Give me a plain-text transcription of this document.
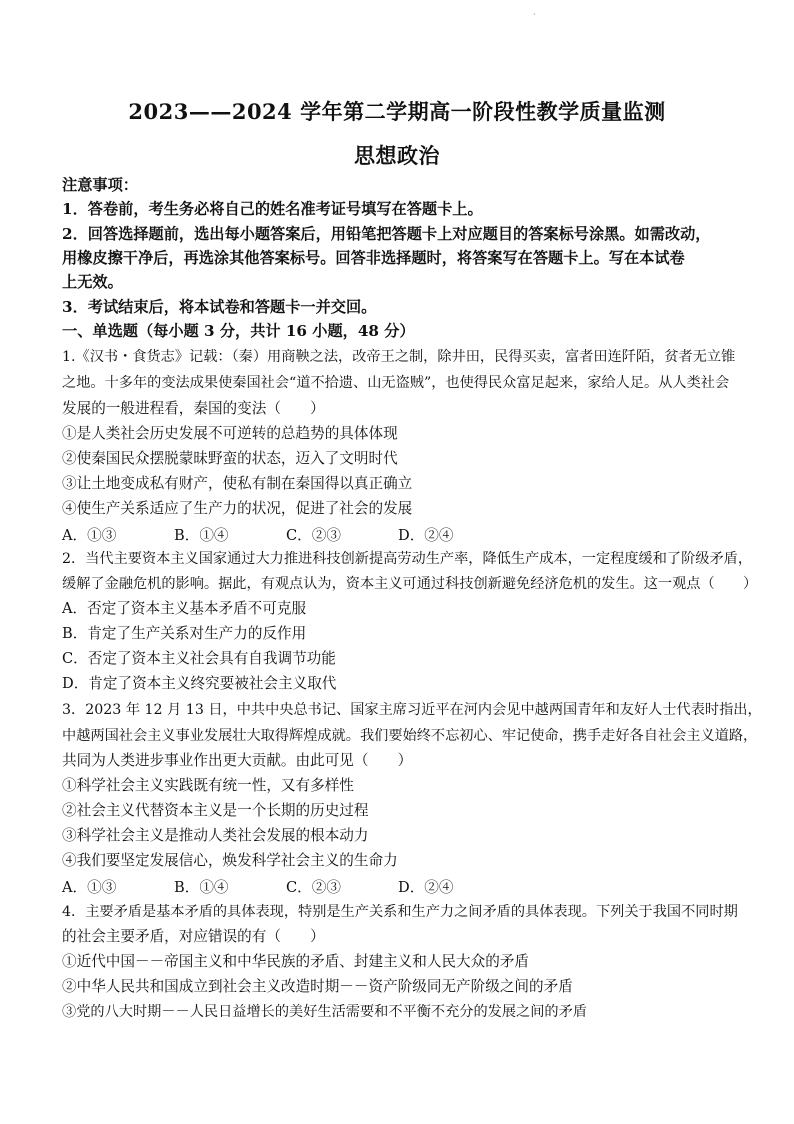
·
2023——2024 学年第二学期高一阶段性教学质量监测
思想政治
注意事项：
1．答卷前，考生务必将自己的姓名准考证号填写在答题卡上。
2．回答选择题前，选出每小题答案后，用铅笔把答题卡上对应题目的答案标号涂黑。如需改动，
用橡皮擦干净后，再选涂其他答案标号。回答非选择题时，将答案写在答题卡上。写在本试卷
上无效。
3．考试结束后，将本试卷和答题卡一并交回。
一、单选题（每小题 3 分，共计 16 小题，48 分）
1.《汉书・食货志》记载：（秦）用商鞅之法，改帝王之制，除井田，民得买卖，富者田连阡陌，贫者无立锥
之地。十多年的变法成果使秦国社会“道不拾遗、山无盗贼”，也使得民众富足起来，家给人足。从人类社会
发展的一般进程看，秦国的变法（　　）
①是人类社会历史发展不可逆转的总趋势的具体体现
②使秦国民众摆脱蒙昧野蛮的状态，迈入了文明时代
③让土地变成私有财产，使私有制在秦国得以真正确立
④使生产关系适应了生产力的状况，促进了社会的发展
A．①③	B．①④	C．②③	D．②④
2．当代主要资本主义国家通过大力推进科技创新提高劳动生产率，降低生产成本，一定程度缓和了阶级矛盾，
缓解了金融危机的影响。据此，有观点认为，资本主义可通过科技创新避免经济危机的发生。这一观点（　　）
A．否定了资本主义基本矛盾不可克服
B．肯定了生产关系对生产力的反作用
C．否定了资本主义社会具有自我调节功能
D．肯定了资本主义终究要被社会主义取代
3．2023 年 12 月 13 日，中共中央总书记、国家主席习近平在河内会见中越两国青年和友好人士代表时指出，
中越两国社会主义事业发展壮大取得辉煌成就。我们要始终不忘初心、牢记使命，携手走好各自社会主义道路，
共同为人类进步事业作出更大贡献。由此可见（　　）
①科学社会主义实践既有统一性，又有多样性
②社会主义代替资本主义是一个长期的历史过程
③科学社会主义是推动人类社会发展的根本动力
④我们要坚定发展信心，焕发科学社会主义的生命力
A．①③	B．①④	C．②③	D．②④
4．主要矛盾是基本矛盾的具体表现，特别是生产关系和生产力之间矛盾的具体表现。下列关于我国不同时期
的社会主要矛盾，对应错误的有（　　）
①近代中国－－帝国主义和中华民族的矛盾、封建主义和人民大众的矛盾
②中华人民共和国成立到社会主义改造时期－－资产阶级同无产阶级之间的矛盾
③党的八大时期－－人民日益增长的美好生活需要和不平衡不充分的发展之间的矛盾
